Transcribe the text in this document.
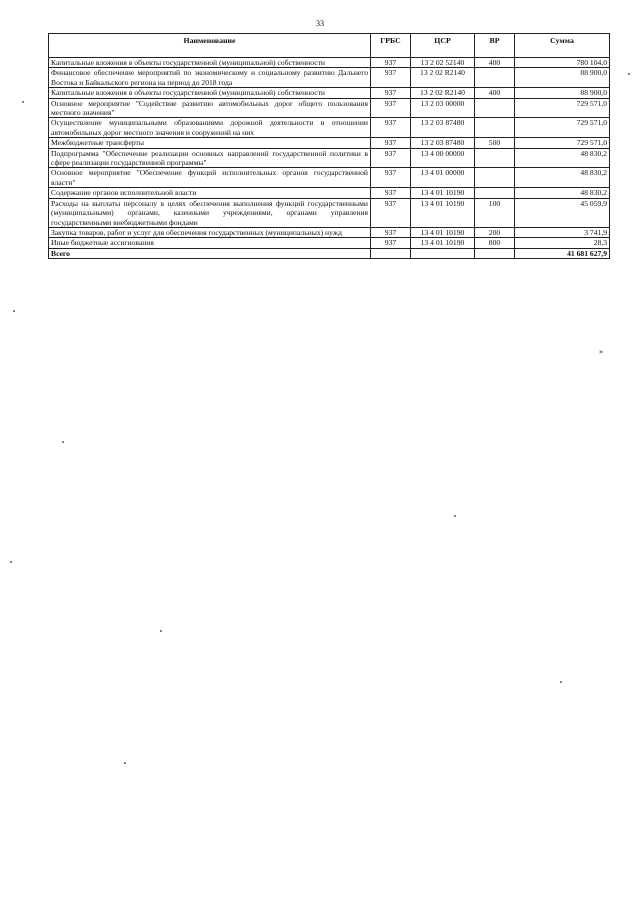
33
Наименование	ГРБС	ЦСР	ВР	Сумма
Капитальные вложения в объекты государственной (муниципальной) собственности	937	13 2 02 52140	400	780 104,0
Финансовое обеспечение мероприятий по экономическому и социальному развитию Дальнего Востока и Байкальского региона на период до 2018 года	937	13 2 02 R2140		88 900,0
Капитальные вложения в объекты государственной (муниципальной) собственности	937	13 2 02 R2140	400	88 900,0
Основное мероприятие "Содействие развитию автомобильных дорог общего пользования местного значения"	937	13 2 03 00000		729 571,0
Осуществление муниципальными образованиями дорожной деятельности в отношении автомобильных дорог местного значения и сооружений на них	937	13 2 03 87480		729 571,0
Межбюджетные трансферты	937	13 2 03 87480	500	729 571,0
Подпрограмма "Обеспечение реализации основных направлений государственной политики в сфере реализации государственной программы"	937	13 4 00 00000		48 830,2
Основное мероприятие "Обеспечение функций исполнительных органов государственной власти"	937	13 4 01 00000		48 830,2
Содержание органов исполнительной власти	937	13 4 01 10190		48 830,2
Расходы на выплаты персоналу в целях обеспечения выполнения функций государственными (муниципальными) органами, казенными учреждениями, органами управления государственными внебюджетными фондами	937	13 4 01 10190	100	45 059,9
Закупка товаров, работ и услуг для обеспечения государственных (муниципальных) нужд	937	13 4 01 10190	200	3 741,9
Иные бюджетные ассигнования	937	13 4 01 10190	800	28,3
Всего				41 681 627,9
»
